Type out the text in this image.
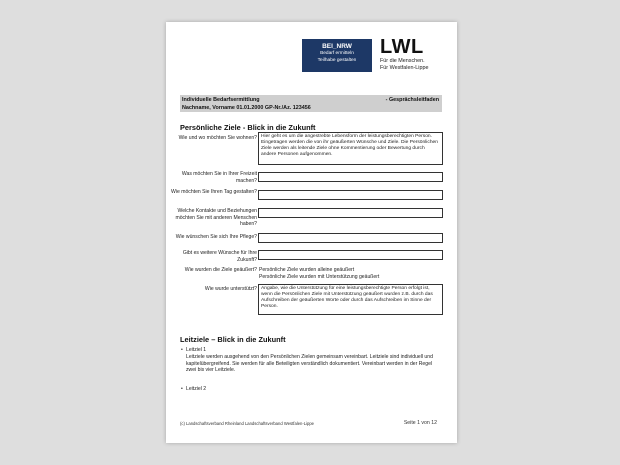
BEI_NRW
Bedarf ermitteln
Teilhabe gestalten
LWL
Für die Menschen.
Für Westfalen-Lippe
Individuelle Bedarfsermittlung	- Gesprächsleitfaden
Nachname, Vorname 01.01.2000 GP-Nr./Az. 123456
Persönliche Ziele - Blick in die Zukunft
Wie und wo möchten Sie wohnen? Hier geht es um die angestrebte Lebensform der leistungsberechtigten Person. Eingetragen werden die von ihr geäußerten Wünsche und Ziele. Die Persönlichen Ziele werden als leitende Ziele ohne Kommentierung oder Bewertung durch andere Personen aufgenommen.
Was möchten Sie in Ihrer Freizeit machen?
Wie möchten Sie Ihren Tag gestalten?
Welche Kontakte und Beziehungen möchten Sie mit anderen Menschen haben?
Wie wünschen Sie sich Ihre Pflege?
Gibt es weitere Wünsche für Ihre Zukunft?
Wie wurden die Ziele geäußert? Persönliche Ziele wurden alleine geäußert
Persönliche Ziele wurden mit Unterstützung geäußert
Wie wurde unterstützt? Angabe, wie die Unterstützung für eine leistungsberechtigte Person erfolgt ist, wenn die Persönlichen Ziele mit Unterstützung geäußert wurden z.B. durch das Aufschreiben der geäußerten Worte oder durch das Aufschreiben im Sinne der Person.
Leitziele – Blick in die Zukunft
• Leitziel 1
Leitziele werden ausgehend von den Persönlichen Zielen gemeinsam vereinbart. Leitziele sind individuell und kapitelübergreifend. Sie werden für alle Beteiligten verständlich dokumentiert. Vereinbart werden in der Regel zwei bis vier Leitziele.
• Leitziel 2
(c) Landschaftsverband Rheinland Landschaftsverband Westfalen-Lippe	Seite 1 von 12
